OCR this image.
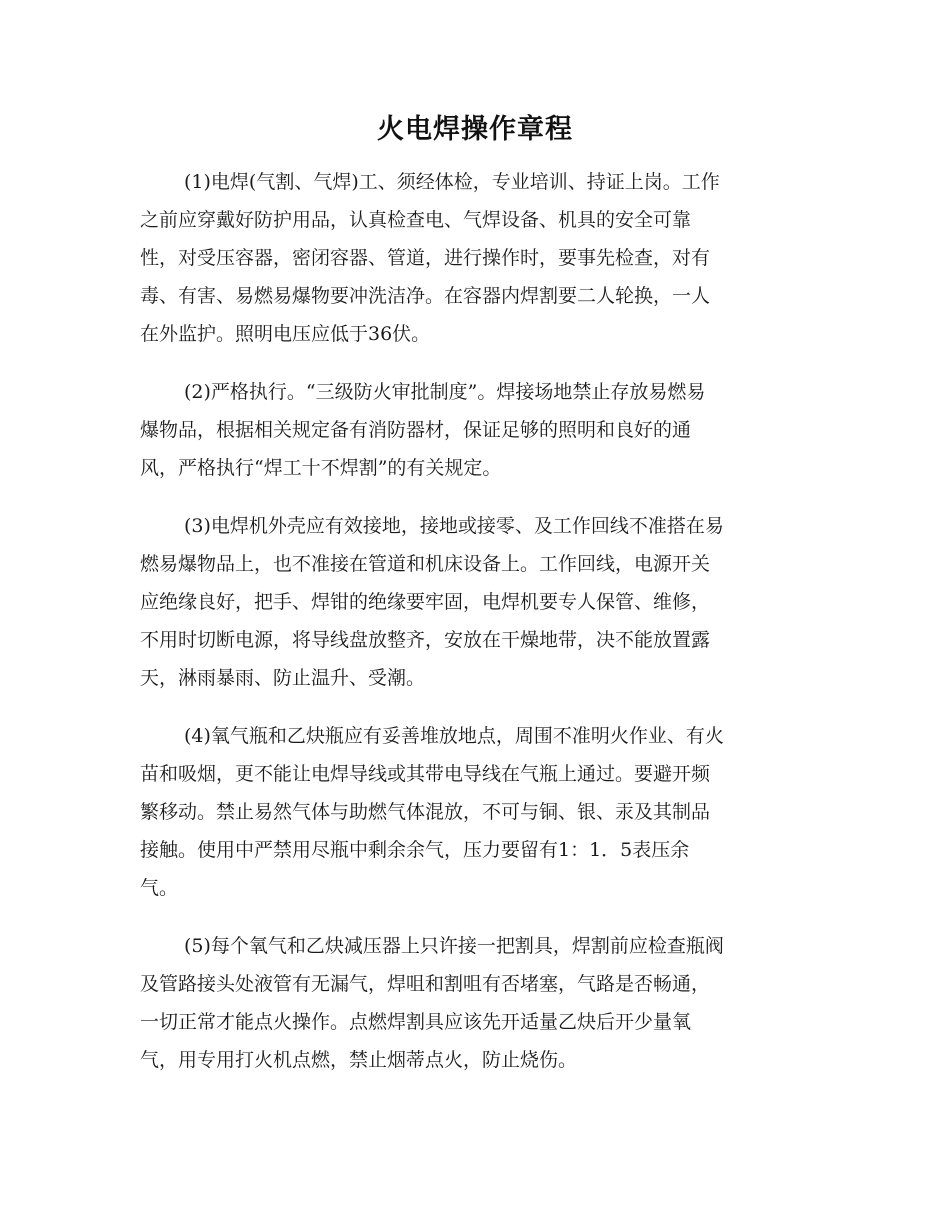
火电焊操作章程

(1)电焊(气割、气焊)工、须经体检，专业培训、持证上岗。工作
之前应穿戴好防护用品，认真检查电、气焊设备、机具的安全可靠
性，对受压容器，密闭容器、管道，进行操作时，要事先检查，对有
毒、有害、易燃易爆物要冲洗洁净。在容器内焊割要二人轮换，一人
在外监护。照明电压应低于36伏。

(2)严格执行。“三级防火审批制度”。焊接场地禁止存放易燃易
爆物品，根据相关规定备有消防器材，保证足够的照明和良好的通
风，严格执行“焊工十不焊割”的有关规定。

(3)电焊机外壳应有效接地，接地或接零、及工作回线不准搭在易
燃易爆物品上，也不准接在管道和机床设备上。工作回线，电源开关
应绝缘良好，把手、焊钳的绝缘要牢固，电焊机要专人保管、维修，
不用时切断电源，将导线盘放整齐，安放在干燥地带，决不能放置露
天，淋雨暴雨、防止温升、受潮。

(4)氧气瓶和乙炔瓶应有妥善堆放地点，周围不准明火作业、有火
苗和吸烟，更不能让电焊导线或其带电导线在气瓶上通过。要避开频
繁移动。禁止易然气体与助燃气体混放，不可与铜、银、汞及其制品
接触。使用中严禁用尽瓶中剩余余气，压力要留有1：1．5表压余
气。

(5)每个氧气和乙炔减压器上只许接一把割具，焊割前应检查瓶阀
及管路接头处液管有无漏气，焊咀和割咀有否堵塞，气路是否畅通，
一切正常才能点火操作。点燃焊割具应该先开适量乙炔后开少量氧
气，用专用打火机点燃，禁止烟蒂点火，防止烧伤。
